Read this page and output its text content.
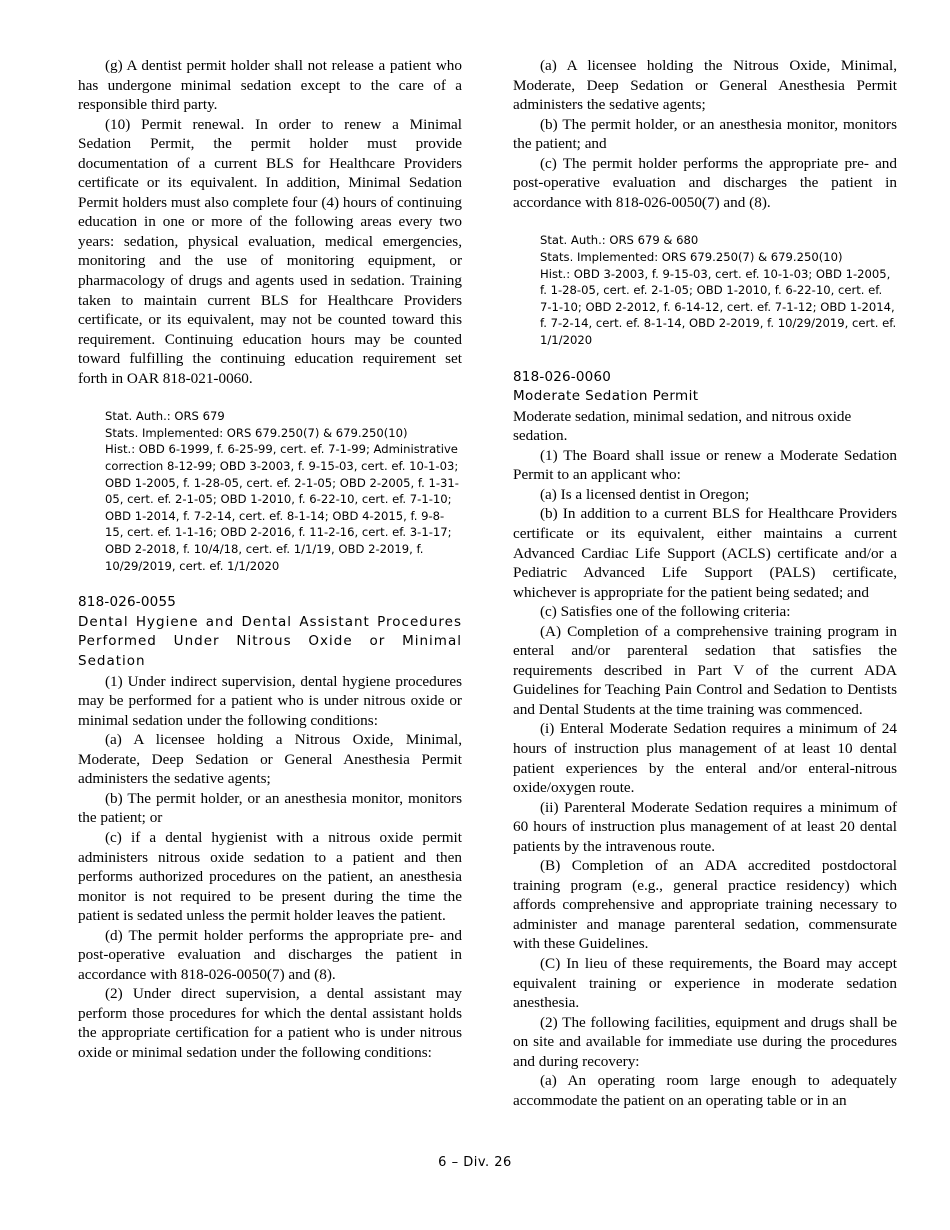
(g) A dentist permit holder shall not release a patient who has undergone minimal sedation except to the care of a responsible third party.

(10) Permit renewal. In order to renew a Minimal Sedation Permit, the permit holder must provide documentation of a current BLS for Healthcare Providers certificate or its equivalent. In addition, Minimal Sedation Permit holders must also complete four (4) hours of continuing education in one or more of the following areas every two years: sedation, physical evaluation, medical emergencies, monitoring and the use of monitoring equipment, or pharmacology of drugs and agents used in sedation. Training taken to maintain current BLS for Healthcare Providers certificate, or its equivalent, may not be counted toward this requirement. Continuing education hours may be counted toward fulfilling the continuing education requirement set forth in OAR 818-021-0060.

Stat. Auth.: ORS 679

Stats. Implemented: ORS 679.250(7) & 679.250(10)

Hist.: OBD 6-1999, f. 6-25-99, cert. ef. 7-1-99; Administrative correction 8-12-99; OBD 3-2003, f. 9-15-03, cert. ef. 10-1-03; OBD 1-2005, f. 1-28-05, cert. ef. 2-1-05; OBD 2-2005, f. 1-31-05, cert. ef. 2-1-05; OBD 1-2010, f. 6-22-10, cert. ef. 7-1-10; OBD 1-2014, f. 7-2-14, cert. ef. 8-1-14; OBD 4-2015, f. 9-8-15, cert. ef. 1-1-16; OBD 2-2016, f. 11-2-16, cert. ef. 3-1-17; OBD 2-2018, f. 10/4/18, cert. ef. 1/1/19, OBD 2-2019, f. 10/29/2019, cert. ef. 1/1/2020

818-026-0055

Dental Hygiene and Dental Assistant Procedures Performed Under Nitrous Oxide or Minimal Sedation

(1) Under indirect supervision, dental hygiene procedures may be performed for a patient who is under nitrous oxide or minimal sedation under the following conditions:

(a) A licensee holding a Nitrous Oxide, Minimal, Moderate, Deep Sedation or General Anesthesia Permit administers the sedative agents;

(b) The permit holder, or an anesthesia monitor, monitors the patient; or

(c) if a dental hygienist with a nitrous oxide permit administers nitrous oxide sedation to a patient and then performs authorized procedures on the patient, an anesthesia monitor is not required to be present during the time the patient is sedated unless the permit holder leaves the patient.

(d) The permit holder performs the appropriate pre- and post-operative evaluation and discharges the patient in accordance with 818-026-0050(7) and (8).

(2) Under direct supervision, a dental assistant may perform those procedures for which the dental assistant holds the appropriate certification for a patient who is under nitrous oxide or minimal sedation under the following conditions:

(a) A licensee holding the Nitrous Oxide, Minimal, Moderate, Deep Sedation or General Anesthesia Permit administers the sedative agents;

(b) The permit holder, or an anesthesia monitor, monitors the patient; and

(c) The permit holder performs the appropriate pre- and post-operative evaluation and discharges the patient in accordance with 818-026-0050(7) and (8).

Stat. Auth.: ORS 679 & 680

Stats. Implemented: ORS 679.250(7) & 679.250(10)

Hist.: OBD 3-2003, f. 9-15-03, cert. ef. 10-1-03; OBD 1-2005, f. 1-28-05, cert. ef. 2-1-05; OBD 1-2010, f. 6-22-10, cert. ef. 7-1-10; OBD 2-2012, f. 6-14-12, cert. ef. 7-1-12; OBD 1-2014, f. 7-2-14, cert. ef. 8-1-14, OBD 2-2019, f. 10/29/2019, cert. ef. 1/1/2020

818-026-0060

Moderate Sedation Permit

Moderate sedation, minimal sedation, and nitrous oxide sedation.

(1) The Board shall issue or renew a Moderate Sedation Permit to an applicant who:

(a) Is a licensed dentist in Oregon;

(b) In addition to a current BLS for Healthcare Providers certificate or its equivalent, either maintains a current Advanced Cardiac Life Support (ACLS) certificate and/or a Pediatric Advanced Life Support (PALS) certificate, whichever is appropriate for the patient being sedated; and

(c) Satisfies one of the following criteria:

(A) Completion of a comprehensive training program in enteral and/or parenteral sedation that satisfies the requirements described in Part V of the current ADA Guidelines for Teaching Pain Control and Sedation to Dentists and Dental Students at the time training was commenced.

(i) Enteral Moderate Sedation requires a minimum of 24 hours of instruction plus management of at least 10 dental patient experiences by the enteral and/or enteral-nitrous oxide/oxygen route.

(ii) Parenteral Moderate Sedation requires a minimum of 60 hours of instruction plus management of at least 20 dental patients by the intravenous route.

(B) Completion of an ADA accredited postdoctoral training program (e.g., general practice residency) which affords comprehensive and appropriate training necessary to administer and manage parenteral sedation, commensurate with these Guidelines.

(C) In lieu of these requirements, the Board may accept equivalent training or experience in moderate sedation anesthesia.

(2) The following facilities, equipment and drugs shall be on site and available for immediate use during the procedures and during recovery:

(a) An operating room large enough to adequately accommodate the patient on an operating table or in an

6 – Div. 26
